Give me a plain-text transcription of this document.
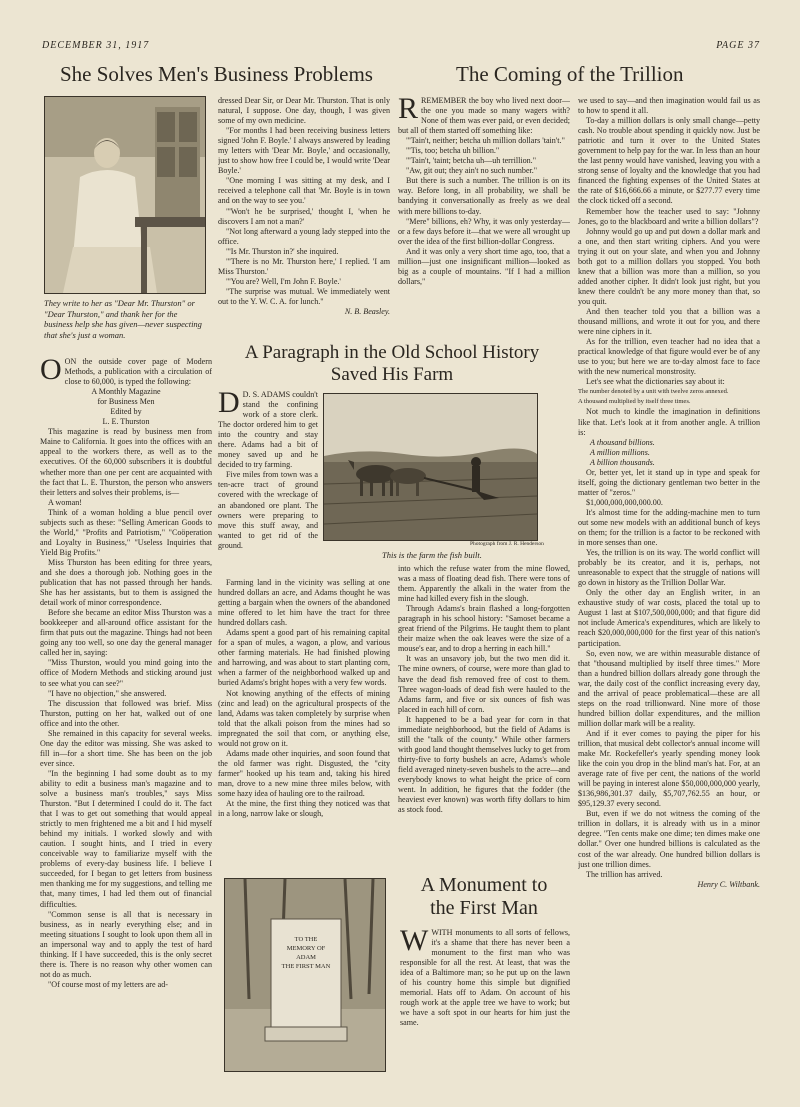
DECEMBER 31, 1917	PAGE 37
She Solves Men's Business Problems
They write to her as "Dear Mr. Thurston" or "Dear Thurston," and thank her for the business help she has given—never suspecting that she's just a woman.

OON the outside cover page of Modern Methods, a publication with a circulation of close to 60,000, is typed the following:

A Monthly Magazine

for Business Men

Edited by

L. E. Thurston

This magazine is read by business men from Maine to California. It goes into the offices with an appeal to the workers there, as well as to the executives. Of the 60,000 subscribers it is doubtful whether more than one per cent are acquainted with the fact that L. E. Thurston, the person who answers their letters and solves their problems, is—

A woman!

Think of a woman holding a blue pencil over subjects such as these: "Selling American Goods to the World," "Profits and Patriotism," "Coöperation and Loyalty in Business," "Useless Inquiries that Yield Big Profits."

Miss Thurston has been editing for three years, and she does a thorough job. Nothing goes in the publication that has not passed through her hands. She has her assistants, but to them is assigned the detail work of minor correspondence.

Before she became an editor Miss Thurston was a bookkeeper and all-around office assistant for the firm that puts out the magazine. Things had not been going any too well, so one day the general manager called her in, saying:

"Miss Thurston, would you mind going into the office of Modern Methods and sticking around just to see what you can see?"

"I have no objection," she answered.

The discussion that followed was brief. Miss Thurston, putting on her hat, walked out of one office and into the other.

She remained in this capacity for several weeks. One day the editor was missing. She was asked to fill in—for a short time. She has been on the job ever since.

"In the beginning I had some doubt as to my ability to edit a business man's magazine and to solve a business man's troubles," says Miss Thurston. "But I determined I could do it. The fact that I was to get out something that would appeal strictly to men frightened me a bit and I hid myself behind my initials. I worked slowly and with caution. I sought hints, and I tried in every conceivable way to familiarize myself with the problems of every-day business life. I believe I succeeded, for I began to get letters from business men thanking me for my suggestions, and telling me that, many times, I had led them out of financial difficulties.

"Common sense is all that is necessary in business, as in nearly everything else; and in meeting situations I sought to look upon them all in an impersonal way and to apply the test of hard thinking. If I have succeeded, this is the only secret there is. There is no reason why other women can not do as much.

"Of course most of my letters are ad-

dressed Dear Sir, or Dear Mr. Thurston. That is only natural, I suppose. One day, though, I was given some of my own medicine.

"For months I had been receiving business letters signed 'John F. Boyle.' I always answered by leading my letters with 'Dear Mr. Boyle,' and occasionally, just to show how free I could be, I would write 'Dear Boyle.'

"One morning I was sitting at my desk, and I received a telephone call that 'Mr. Boyle is in town and on the way to see you.'

"'Won't he be surprised,' thought I, 'when he discovers I am not a man?'

"Not long afterward a young lady stepped into the office.

"'Is Mr. Thurston in?' she inquired.

"'There is no Mr. Thurston here,' I replied. 'I am Miss Thurston.'

"'You are? Well, I'm John F. Boyle.'

"The surprise was mutual. We immediately went out to the Y. W. C. A. for lunch."

N. B. Beasley.

The Coming of the Trillion

RREMEMBER the boy who lived next door—the one you made so many wagers with? None of them was ever paid, or even decided; but all of them started off something like:

"'Tain't, neither; betcha uh million dollars 'tain't."

"'Tis, too; betcha uh billion."

"'Tain't, 'taint; betcha uh—uh terrillion."

"Aw, git out; they ain't no such number."

But there is such a number. The trillion is on its way. Before long, in all probability, we shall be bandying it conversationally as freely as we deal with mere billions to-day.

"Mere" billions, eh? Why, it was only yesterday—or a few days before it—that we were all wrought up over the idea of the first billion-dollar Congress.

And it was only a very short time ago, too, that a million—just one insignificant million—looked as big as a couple of mountains. "If I had a million dollars,"

we used to say—and then imagination would fail us as to how to spend it all.

To-day a million dollars is only small change—petty cash. No trouble about spending it quickly now. Just be patriotic and turn it over to the United States government to help pay for the war. In less than an hour the last penny would have vanished, leaving you with a strong sense of loyalty and the knowledge that you had financed the fighting expenses of the United States at the rate of $16,666.66 a minute, or $277.77 every time the clock ticked off a second.

Remember how the teacher used to say: "Johnny Jones, go to the blackboard and write a billion dollars"?

Johnny would go up and put down a dollar mark and a one, and then start writing ciphers. And you were trying it out on your slate, and when you and Johnny both got to a million dollars you stopped. You both knew that a billion was more than a million, so you added another cipher. It didn't look just right, but you knew there couldn't be any more money than that, so you quit.

And then teacher told you that a billion was a thousand millions, and wrote it out for you, and there were nine ciphers in it.

As for the trillion, even teacher had no idea that a practical knowledge of that figure would ever be of any use to you; but here we are to-day almost face to face with the new numerical monstrosity.

Let's see what the dictionaries say about it:

The number denoted by a unit with twelve zeros annexed.

A thousand multiplied by itself three times.

Not much to kindle the imagination in definitions like that. Let's look at it from another angle. A trillion is:

A thousand billions.

A million millions.

A billion thousands.

Or, better yet, let it stand up in type and speak for itself, going the dictionary gentleman two better in the matter of "zeros."

$1,000,000,000,000.00.

It's almost time for the adding-machine men to turn out some new models with an additional bunch of keys on them; for the trillion is a factor to be reckoned with in more senses than one.

Yes, the trillion is on its way. The world conflict will probably be its creator, and it is, perhaps, not unreasonable to expect that the struggle of nations will go down in history as the Trillion Dollar War.

Only the other day an English writer, in an exhaustive study of war costs, placed the total up to August 1 last at $107,500,000,000; and that figure did not include America's expenditures, which are likely to reach $20,000,000,000 for the first year of this nation's participation.

So, even now, we are within measurable distance of that "thousand multiplied by itself three times." More than a hundred billion dollars already gone through the war, the daily cost of the conflict increasing every day, and the arrival of peace problematical—these are all steps on the road trillionward. Nine more of those hundred billion dollar expenditures, and the million million dollar mark will be a reality.

And if it ever comes to paying the piper for his trillion, that musical debt collector's annual income will make Mr. Rockefeller's yearly spending money look like the coin you drop in the blind man's hat. For, at an average rate of five per cent, the nations of the world will be paying in interest alone $50,000,000,000 yearly, $136,986,301.37 daily, $5,707,762.55 an hour, or $95,129.37 every second.

But, even if we do not witness the coming of the trillion in dollars, it is already with us in a minor degree. "Ten cents make one dime; ten dimes make one dollar." Over one hundred billions is calculated as the cost of the war already. One hundred billion dollars is just one trillion dimes.

The trillion has arrived.

Henry C. Wiltbank.

A Paragraph in the Old School History
Saved His Farm

D D. S. ADAMS couldn't stand the confining work of a store clerk. The doctor ordered him to get into the country and stay there. Adams had a bit of money saved up and he decided to try farming.

Five miles from town was a ten-acre tract of ground covered with the wreckage of an abandoned ore plant. The owners were preparing to move this stuff away, and wanted to get rid of the ground.	Photograph from J. R. Henderson
This is the farm the fish built.

Farming land in the vicinity was selling at one hundred dollars an acre, and Adams thought he was getting a bargain when the owners of the abandoned mine offered to let him have the tract for three hundred dollars cash.

Adams spent a good part of his remaining capital for a span of mules, a wagon, a plow, and various other farming materials. He had finished plowing and harrowing, and was about to start planting corn, when a farmer of the neighborhood walked up and buried Adams's bright hopes with a very few words.

Not knowing anything of the effects of mining (zinc and lead) on the agricultural prospects of the land, Adams was taken completely by surprise when told that the alkali poison from the mines had so impregnated the soil that corn, or anything else, would not grow on it.

Adams made other inquiries, and soon found that the old farmer was right. Disgusted, the "city farmer" hooked up his team and, taking his hired man, drove to a new mine three miles below, with some hazy idea of hauling ore to the railroad.

At the mine, the first thing they noticed was that in a long, narrow lake or slough,

into which the refuse water from the mine flowed, was a mass of floating dead fish. There were tons of them. Apparently the alkali in the water from the mine had killed every fish in the slough.

Through Adams's brain flashed a long-forgotten paragraph in his school history: "Samoset became a great friend of the Pilgrims. He taught them to plant their maize when the oak leaves were the size of a mouse's ear, and to drop a herring in each hill."

It was an unsavory job, but the two men did it. The mine owners, of course, were more than glad to have the dead fish removed free of cost to them. Three wagon-loads of dead fish were hauled to the Adams farm, and five or six ounces of fish was placed in each hill of corn.

It happened to be a bad year for corn in that immediate neighborhood, but the field of Adams is still the "talk of the county." While other farmers with good land thought themselves lucky to get from thirty-five to forty bushels an acre, Adams's whole field averaged ninety-seven bushels to the acre—and everybody knows to what height the price of corn went. In addition, he figures that the fodder (the heaviest ever known) was worth fifty dollars to him as stock food.

TO THE
MEMORY OF
ADAM
THE FIRST MAN
A Monument to
the First Man

WWITH monuments to all sorts of fellows, it's a shame that there has never been a monument to the first man who was responsible for all the rest. At least, that was the idea of a Baltimore man; so he put up on the lawn of his country home this simple but dignified memorial. Hats off to Adam. On account of his rough work at the apple tree we have to work; but we have a soft spot in our hearts for him just the same.
